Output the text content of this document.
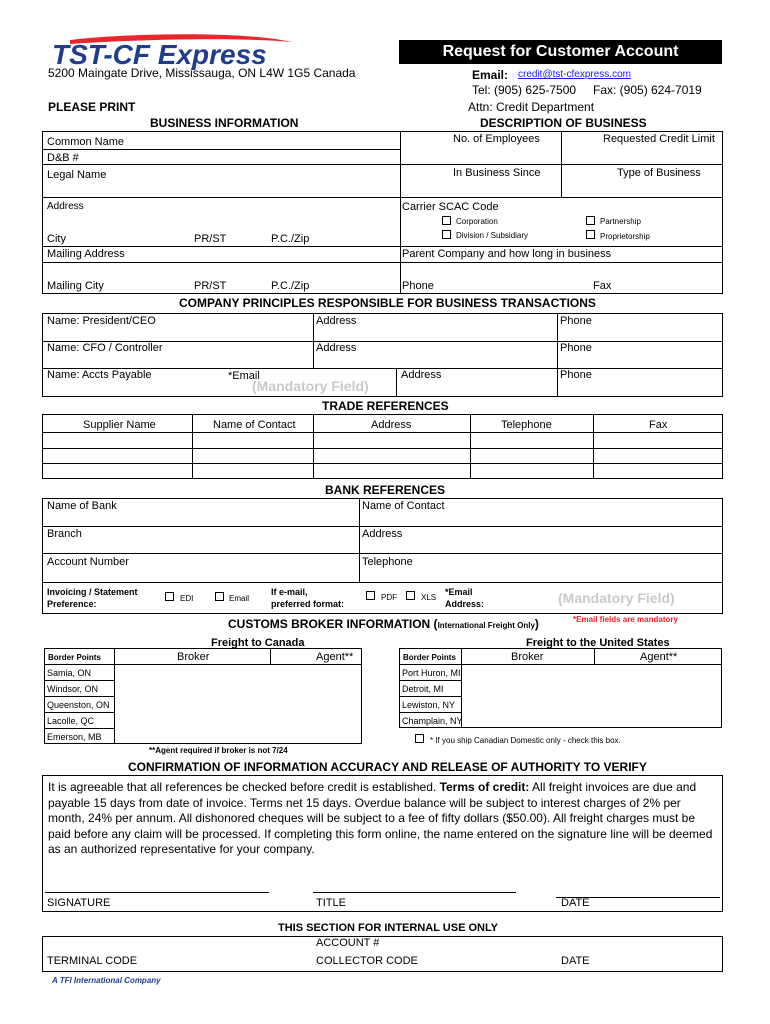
TST-CF Express
5200 Maingate Drive, Mississauga, ON L4W 1G5 Canada
Request for Customer Account
Email: credit@tst-cfexpress.com
Tel: (905) 625-7500 Fax: (905) 624-7019
Attn: Credit Department
PLEASE PRINT
BUSINESS INFORMATION	DESCRIPTION OF BUSINESS
Common Name
D&B #
Legal Name
Address
City	PR/ST	P.C./Zip
Mailing Address
Mailing City	PR/ST	P.C./Zip
No. of Employees	Requested Credit Limit
In Business Since	Type of Business
Carrier SCAC Code
Corporation	Partnership
Division / Subsidiary	Proprietorship
Parent Company and how long in business
Phone	Fax
COMPANY PRINCIPLES RESPONSIBLE FOR BUSINESS TRANSACTIONS
Name: President/CEO	Address	Phone
Name: CFO / Controller	Address	Phone
Name: Accts Payable	*Email
(Mandatory Field)
Address	Phone
TRADE REFERENCES
Supplier Name	Name of Contact	Address	Telephone	Fax
BANK REFERENCES
Name of Bank	Name of Contact
Branch	Address
Account Number	Telephone
Invoicing / Statement
Preference:
EDI	Email
If e-mail,
preferred format:
PDF	XLS
*Email
Address:	(Mandatory Field)
*Email fields are mandatory
CUSTOMS BROKER INFORMATION (International Freight Only)
Freight to Canada	Freight to the United States
Border Points	Broker	Agent**
Samia, ON
Windsor, ON
Queenston, ON
Lacolle, QC
Emerson, MB
Border Points	Broker	Agent**
Port Huron, MI
Detroit, MI
Lewiston, NY
Champlain, NY
**Agent required if broker is not 7/24
* If you ship Canadian Domestic only - check this box.
CONFIRMATION OF INFORMATION ACCURACY AND RELEASE OF AUTHORITY TO VERIFY
It is agreeable that all references be checked before credit is established. Terms of credit: All freight invoices are due and payable 15 days from date of invoice. Terms net 15 days. Overdue balance will be subject to interest charges of 2% per month, 24% per annum. All dishonored cheques will be subject to a fee of fifty dollars ($50.00). All freight charges must be paid before any claim will be processed. If completing this form online, the name entered on the signature line will be deemed as an authorized representative for your company.
SIGNATURE	TITLE	DATE
THIS SECTION FOR INTERNAL USE ONLY
ACCOUNT #
TERMINAL CODE	COLLECTOR CODE	DATE
A TFI International Company
